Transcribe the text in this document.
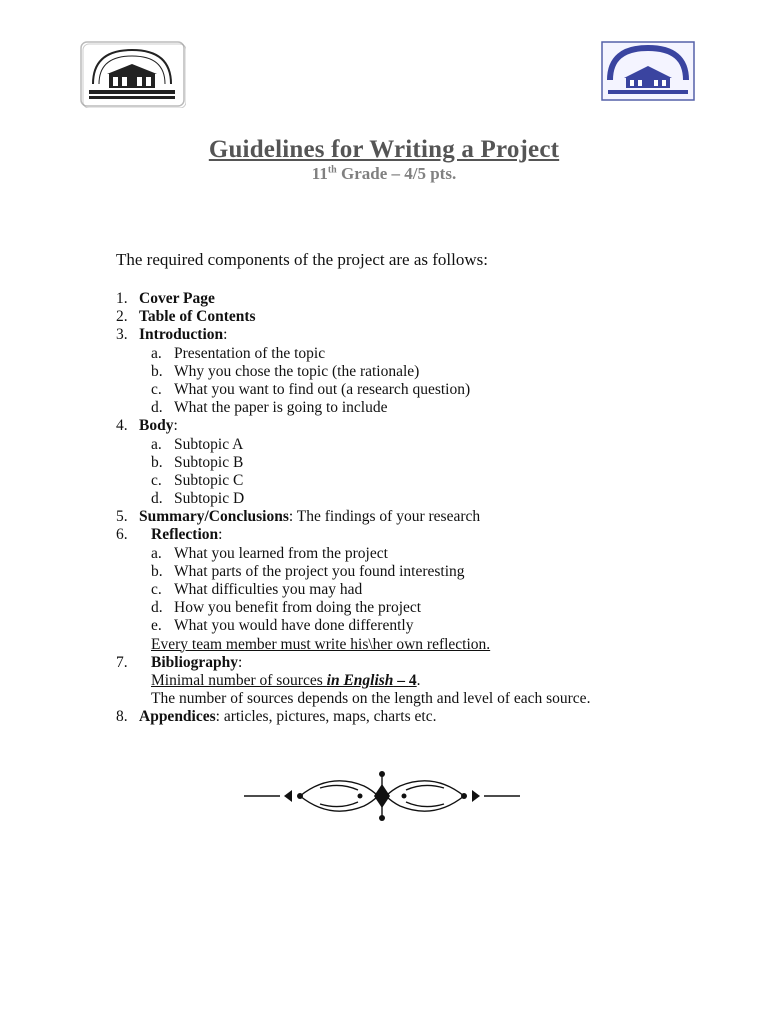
Guidelines for Writing a Project
11th Grade – 4/5 pts.
The required components of the project are as follows:
1. Cover Page
2. Table of Contents
3. Introduction:
a. Presentation of the topic
b. Why you chose the topic (the rationale)
c. What you want to find out (a research question)
d. What the paper is going to include
4. Body:
a. Subtopic A
b. Subtopic B
c. Subtopic C
d. Subtopic D
5. Summary/Conclusions: The findings of your research
6. Reflection:
a. What you learned from the project
b. What parts of the project you found interesting
c. What difficulties you may had
d. How you benefit from doing the project
e. What you would have done differently
Every team member must write his\her own reflection.
7. Bibliography:
Minimal number of sources in English – 4.
The number of sources depends on the length and level of each source.
8. Appendices: articles, pictures, maps, charts etc.
